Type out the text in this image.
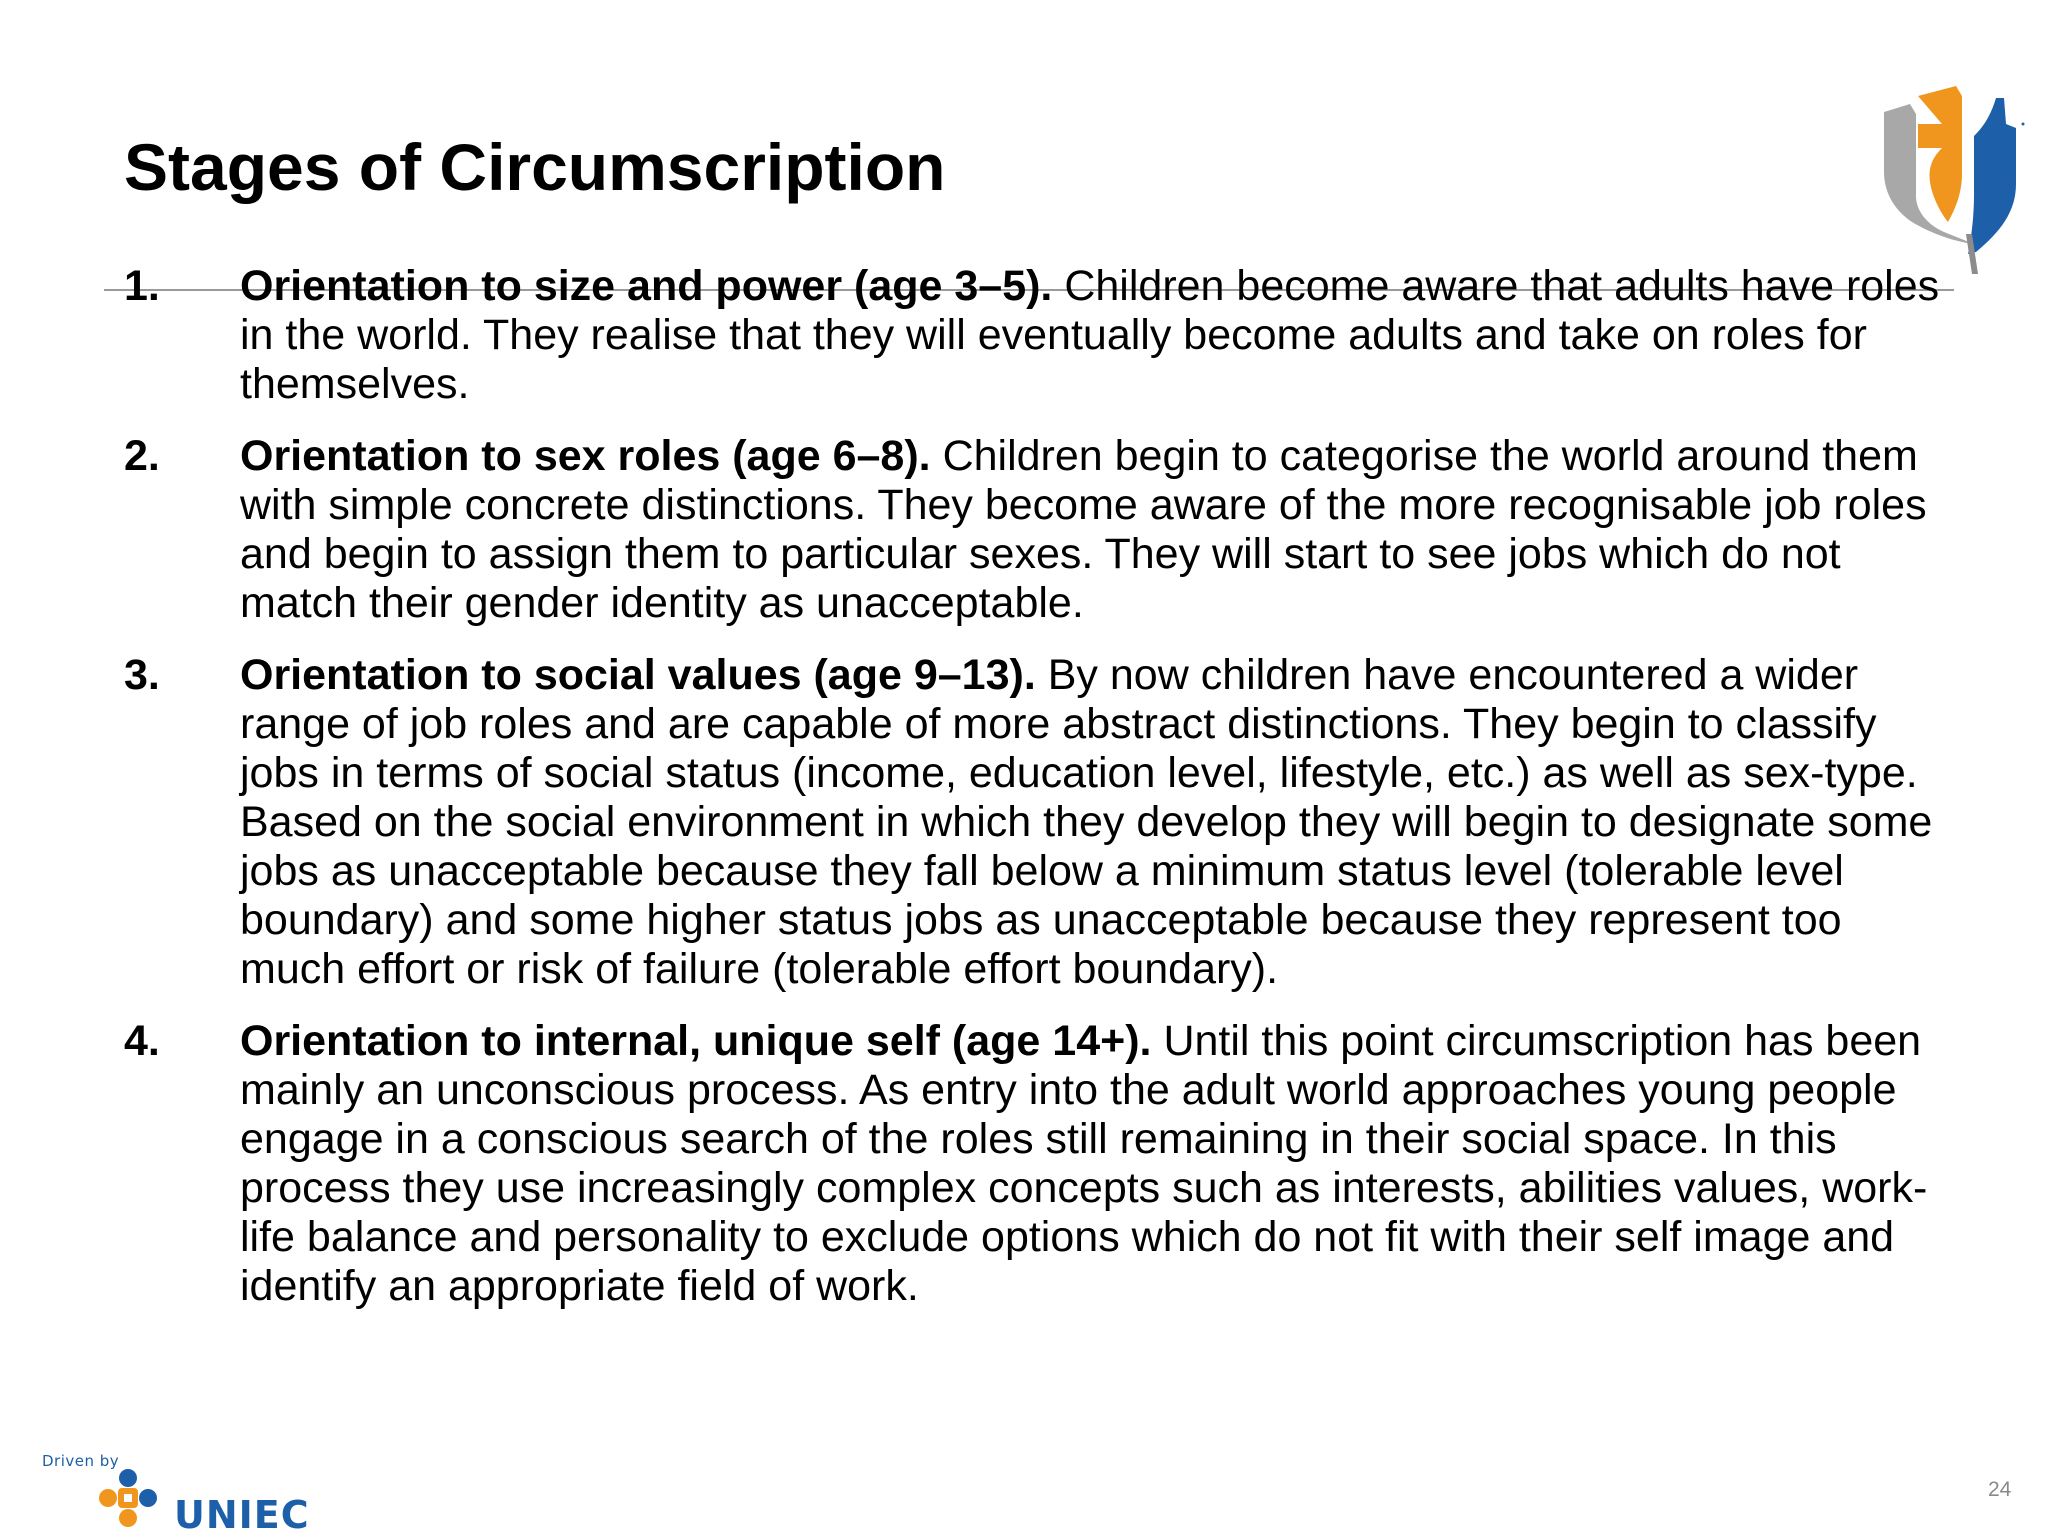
Stages of Circumscription
1. Orientation to size and power (age 3–5). Children become aware that adults have roles in the world. They realise that they will eventually become adults and take on roles for themselves.
2. Orientation to sex roles (age 6–8). Children begin to categorise the world around them with simple concrete distinctions. They become aware of the more recognisable job roles and begin to assign them to particular sexes. They will start to see jobs which do not match their gender identity as unacceptable.
3. Orientation to social values (age 9–13). By now children have encountered a wider range of job roles and are capable of more abstract distinctions. They begin to classify jobs in terms of social status (income, education level, lifestyle, etc.) as well as sex-type. Based on the social environment in which they develop they will begin to designate some jobs as unacceptable because they fall below a minimum status level (tolerable level boundary) and some higher status jobs as unacceptable because they represent too much effort or risk of failure (tolerable effort boundary).
4. Orientation to internal, unique self (age 14+). Until this point circumscription has been mainly an unconscious process. As entry into the adult world approaches young people engage in a conscious search of the roles still remaining in their social space. In this process they use increasingly complex concepts such as interests, abilities values, work-life balance and personality to exclude options which do not fit with their self image and identify an appropriate field of work.
Driven by
UNIEC
24
